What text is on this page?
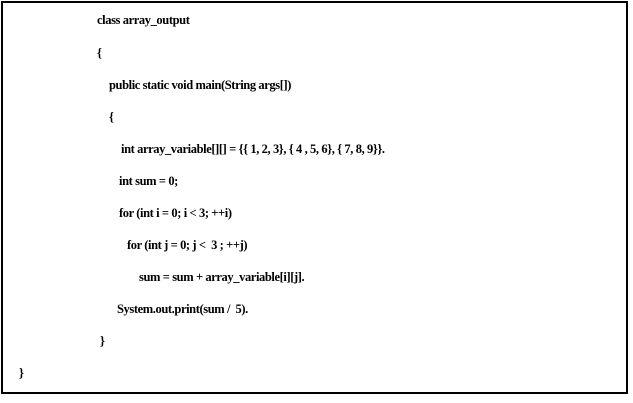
class array_output
{
public static void main(String args[])
{
int array_variable[][] = {{ 1, 2, 3}, { 4 , 5, 6}, { 7, 8, 9}}.
int sum = 0;
for (int i = 0; i < 3; ++i)
for (int j = 0; j <  3 ; ++j)
sum = sum + array_variable[i][j].
System.out.print(sum /  5).
}
}
